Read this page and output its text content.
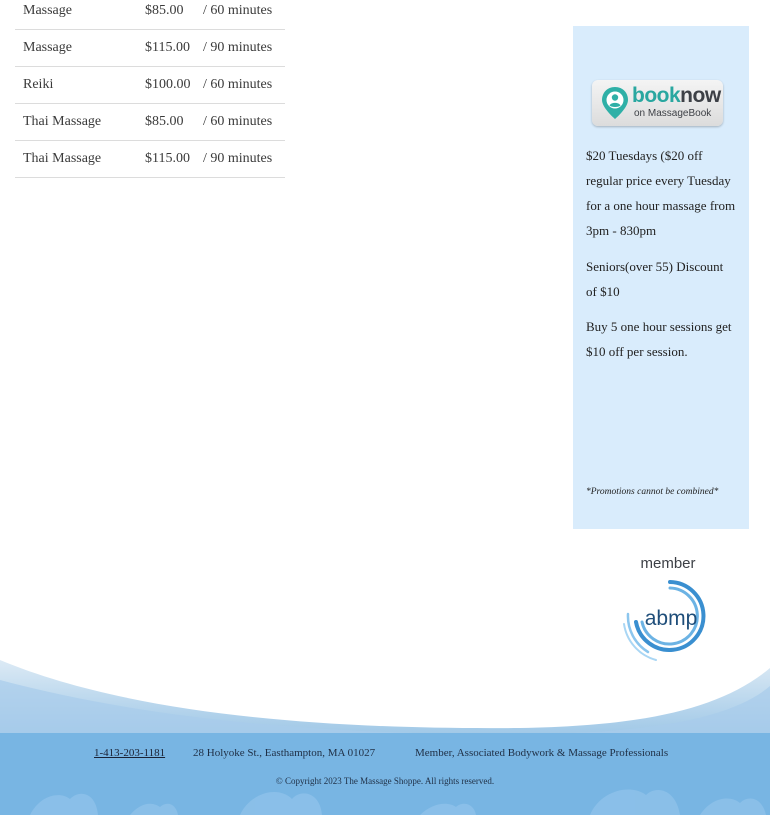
Massage	$85.00	/ 60 minutes
Massage	$115.00	/ 90 minutes
Reiki	$100.00	/ 60 minutes
Thai Massage	$85.00	/ 60 minutes
Thai Massage	$115.00	/ 90 minutes
booknow
on MassageBook
$20 Tuesdays ($20 off regular price every Tuesday for a one hour massage from 3pm - 830pm
Seniors(over 55) Discount of $10
Buy 5 one hour sessions get $10 off per session.
*Promotions cannot be combined*
member
abmp
1-413-203-1181	28 Holyoke St., Easthampton, MA 01027	Member, Associated Bodywork & Massage Professionals
© Copyright 2023 The Massage Shoppe. All rights reserved.
